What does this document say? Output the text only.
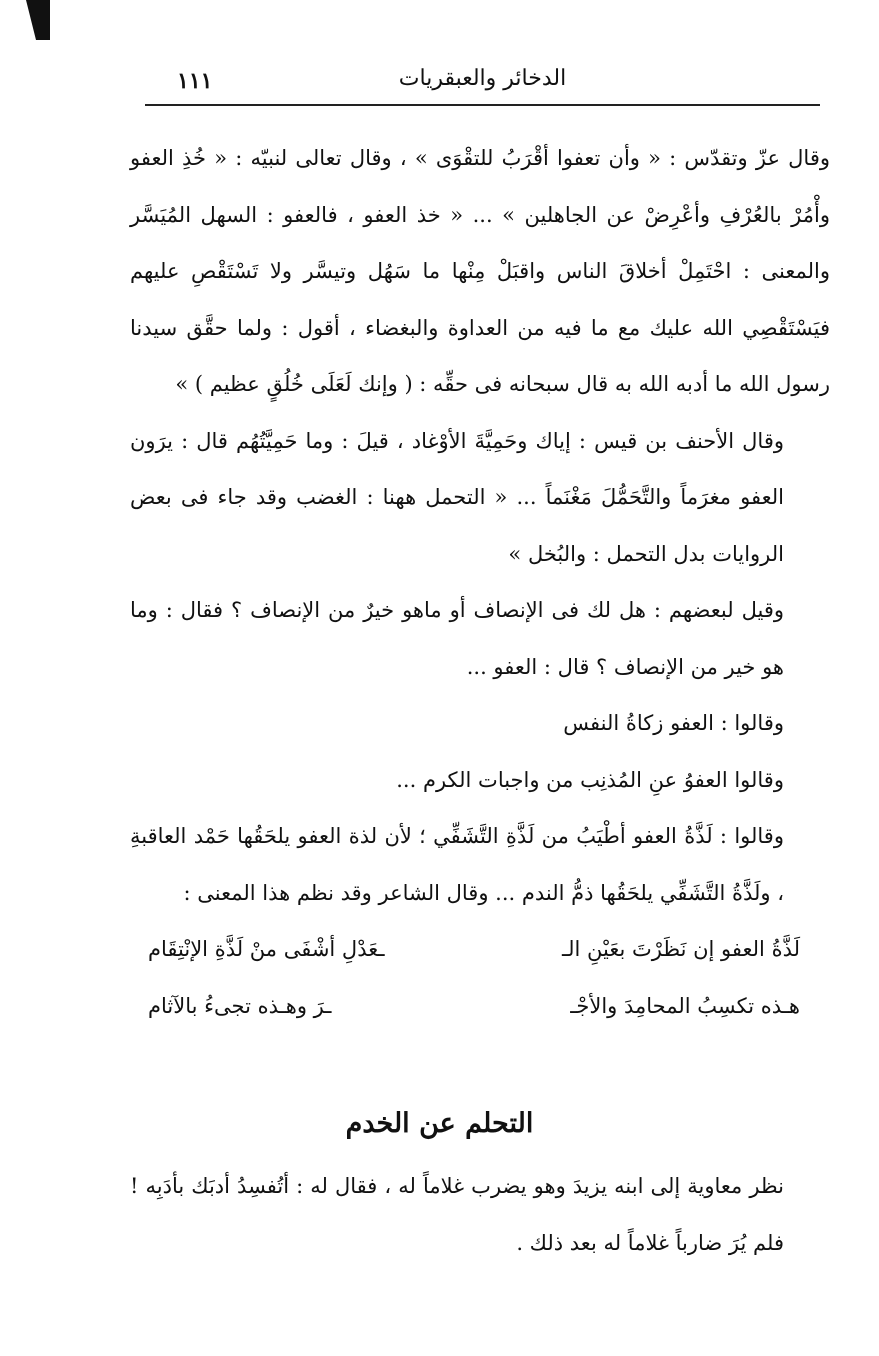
١١١	الدخائر والعبقريات

وقال عزّ وتقدّس : « وأن تعفوا أقْرَبُ للتقْوَى » ، وقال تعالى لنبيّه : « خُذِ العفو وأْمُرْ بالعُرْفِ وأعْرِضْ عن الجاهلين » ... « خذ العفو ، فالعفو : السهل المُيَسَّر والمعنى : احْتَمِلْ أخلاقَ الناس واقبَلْ مِنْها ما سَهُل وتيسَّر ولا تَسْتَقْصِ عليهم فيَسْتَقْصِي الله عليك مع ما فيه من العداوة والبغضاء ، أقول : ولما حقَّق سيدنا رسول الله ما أدبه الله به قال سبحانه فى حقِّه : ( وإنك لَعَلَى خُلُقٍ عظيم ) »

وقال الأحنف بن قيس : إياك وحَمِيَّةَ الأوْغاد ، قيلَ : وما حَمِيَّتُهُم قال : يرَون العفو مغرَماً والتَّحَمُّلَ مَغْنَماً ... « التحمل ههنا : الغضب وقد جاء فى بعض الروايات بدل التحمل : والبُخل »

وقيل لبعضهم : هل لك فى الإنصاف أو ماهو خيرٌ من الإنصاف ؟ فقال : وما هو خير من الإنصاف ؟ قال : العفو ...

وقالوا : العفو زكاةُ النفس

وقالوا العفوُ عنِ المُذنِب من واجبات الكرم ...

وقالوا : لَذَّةُ العفو أطْيَبُ من لَذَّةِ التَّشَفِّي ؛ لأن لذة العفو يلحَقُها حَمْد العاقبةِ ، ولَذَّةُ التَّشَفِّي يلحَقُها ذمُّ الندم ... وقال الشاعر وقد نظم هذا المعنى :

لَذَّةُ العفو إن نَظَرْتَ بعَيْنِ الـ
ـعَدْلِ أشْفَى منْ لَذَّةِ الإنْتِقَام
هـذه تكسِبُ المحامِدَ والأجْـ
ـرَ وهـذه تجىءُ بالآثام
التحلم عن الخدم

نظر معاوية إلى ابنه يزيدَ وهو يضرب غلاماً له ، فقال له : أتُفسِدُ أدبَك بأدَبِه ! فلم يُرَ ضارباً غلاماً له بعد ذلك .
